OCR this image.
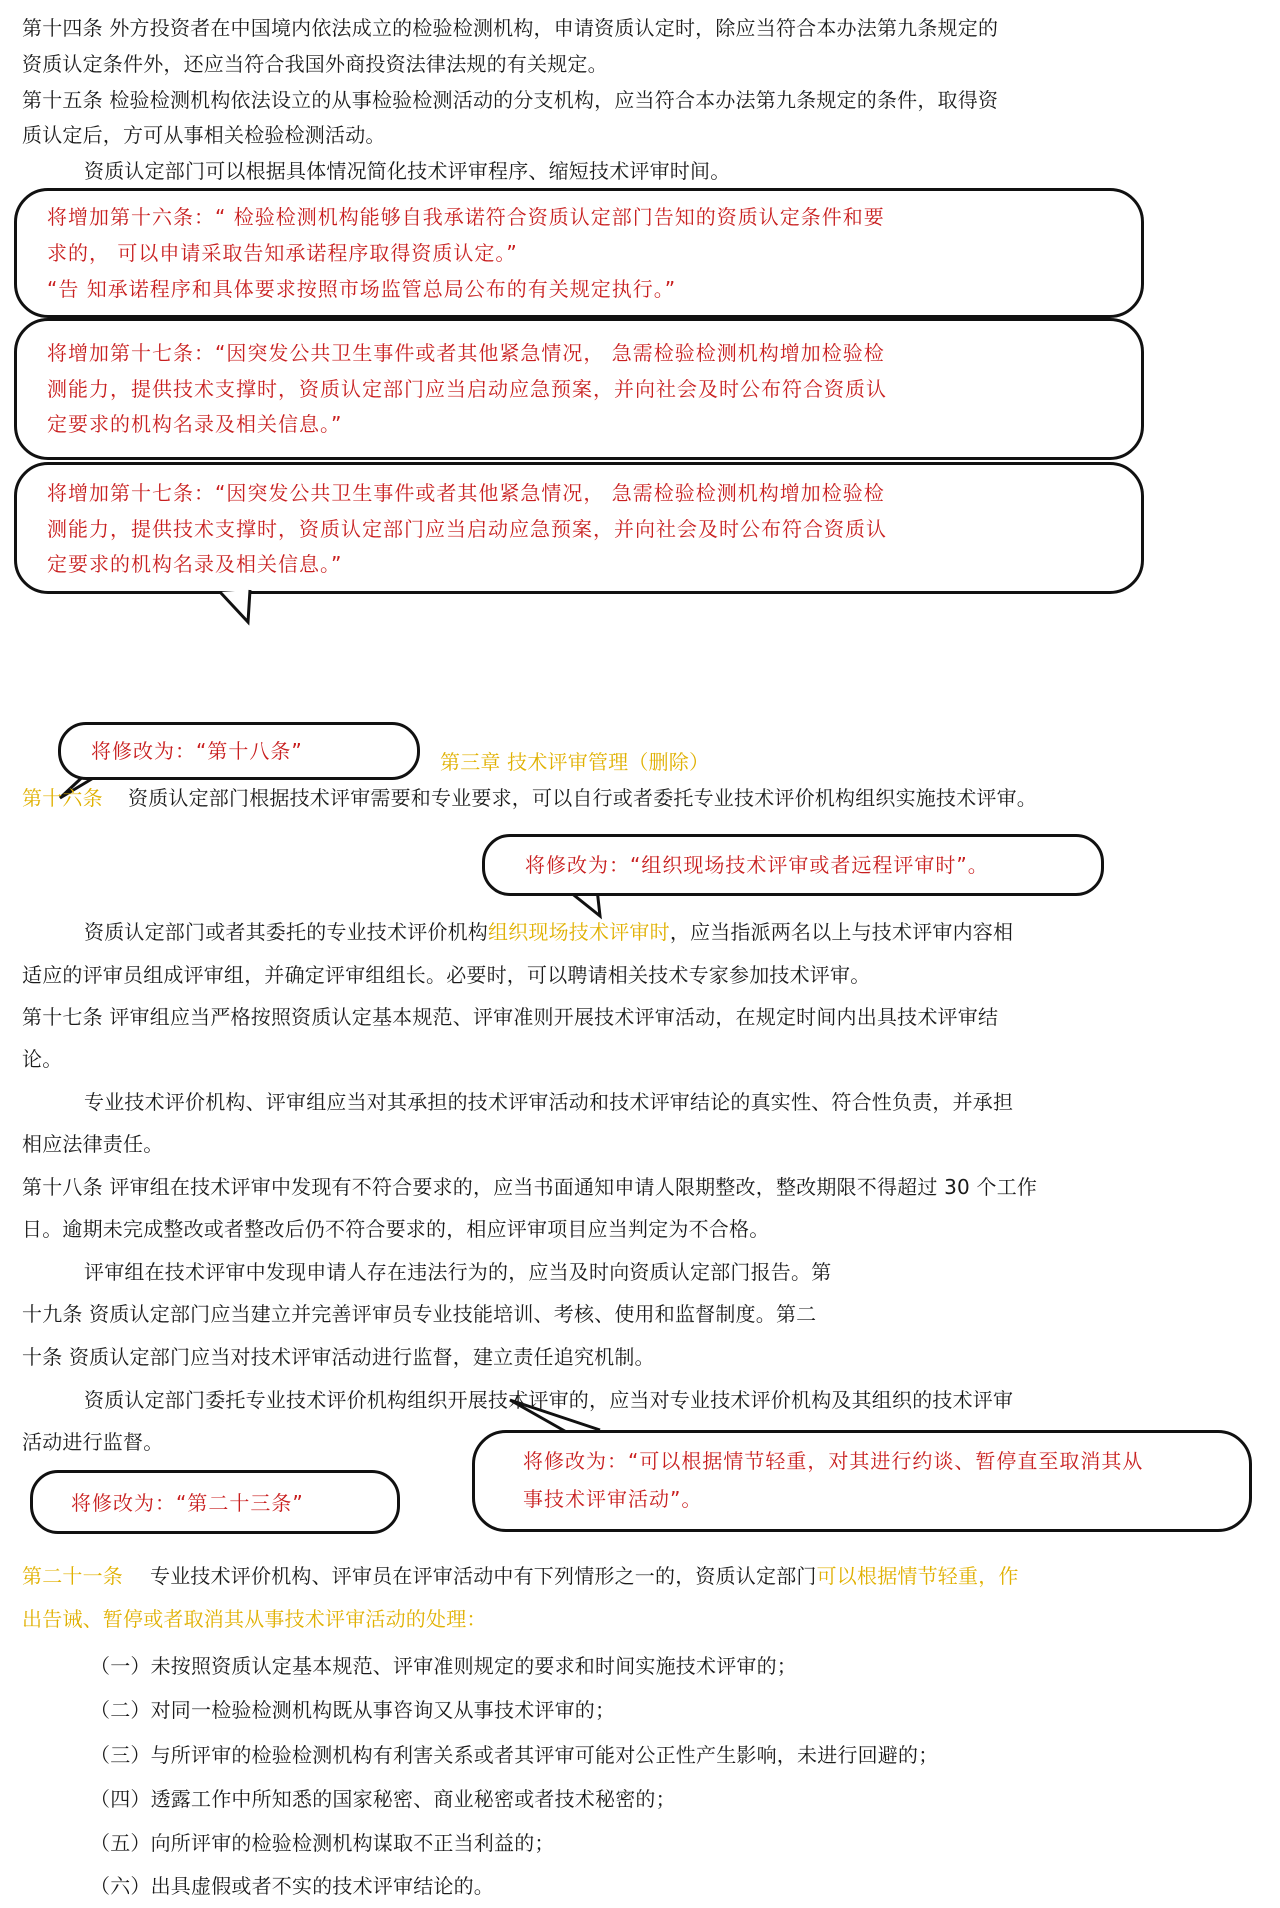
第十四条 外方投资者在中国境内依法成立的检验检测机构，申请资质认定时，除应当符合本办法第九条规定的
资质认定条件外，还应当符合我国外商投资法律法规的有关规定。
第十五条 检验检测机构依法设立的从事检验检测活动的分支机构，应当符合本办法第九条规定的条件，取得资
质认定后，方可从事相关检验检测活动。
资质认定部门可以根据具体情况简化技术评审程序、缩短技术评审时间。
将增加第十六条：“ 检验检测机构能够自我承诺符合资质认定部门告知的资质认定条件和要
求的， 可以申请采取告知承诺程序取得资质认定。”
“告 知承诺程序和具体要求按照市场监管总局公布的有关规定执行。”
将增加第十七条：“因突发公共卫生事件或者其他紧急情况， 急需检验检测机构增加检验检
测能力，提供技术支撑时，资质认定部门应当启动应急预案，并向社会及时公布符合资质认
定要求的机构名录及相关信息。”
将增加第十七条：“因突发公共卫生事件或者其他紧急情况， 急需检验检测机构增加检验检
测能力，提供技术支撑时，资质认定部门应当启动应急预案，并向社会及时公布符合资质认
定要求的机构名录及相关信息。”
将修改为：“第十八条”	第三章 技术评审管理（删除）
第十六条 资质认定部门根据技术评审需要和专业要求，可以自行或者委托专业技术评价机构组织实施技术评审。
将修改为：“组织现场技术评审或者远程评审时”。
资质认定部门或者其委托的专业技术评价机构组织现场技术评审时，应当指派两名以上与技术评审内容相
适应的评审员组成评审组，并确定评审组组长。必要时，可以聘请相关技术专家参加技术评审。
第十七条 评审组应当严格按照资质认定基本规范、评审准则开展技术评审活动，在规定时间内出具技术评审结
论。
专业技术评价机构、评审组应当对其承担的技术评审活动和技术评审结论的真实性、符合性负责，并承担
相应法律责任。
第十八条 评审组在技术评审中发现有不符合要求的，应当书面通知申请人限期整改，整改期限不得超过 30 个工作
日。逾期未完成整改或者整改后仍不符合要求的，相应评审项目应当判定为不合格。
评审组在技术评审中发现申请人存在违法行为的，应当及时向资质认定部门报告。第
十九条 资质认定部门应当建立并完善评审员专业技能培训、考核、使用和监督制度。第二
十条 资质认定部门应当对技术评审活动进行监督，建立责任追究机制。
资质认定部门委托专业技术评价机构组织开展技术评审的，应当对专业技术评价机构及其组织的技术评审
活动进行监督。
将修改为：“第二十三条”
将修改为：“可以根据情节轻重，对其进行约谈、暂停直至取消其从
事技术评审活动”。
第二十一条 专业技术评价机构、评审员在评审活动中有下列情形之一的，资质认定部门可以根据情节轻重，作
出告诫、暂停或者取消其从事技术评审活动的处理：
（一）未按照资质认定基本规范、评审准则规定的要求和时间实施技术评审的；
（二）对同一检验检测机构既从事咨询又从事技术评审的；
（三）与所评审的检验检测机构有利害关系或者其评审可能对公正性产生影响，未进行回避的；
（四）透露工作中所知悉的国家秘密、商业秘密或者技术秘密的；
（五）向所评审的检验检测机构谋取不正当利益的；
（六）出具虚假或者不实的技术评审结论的。
